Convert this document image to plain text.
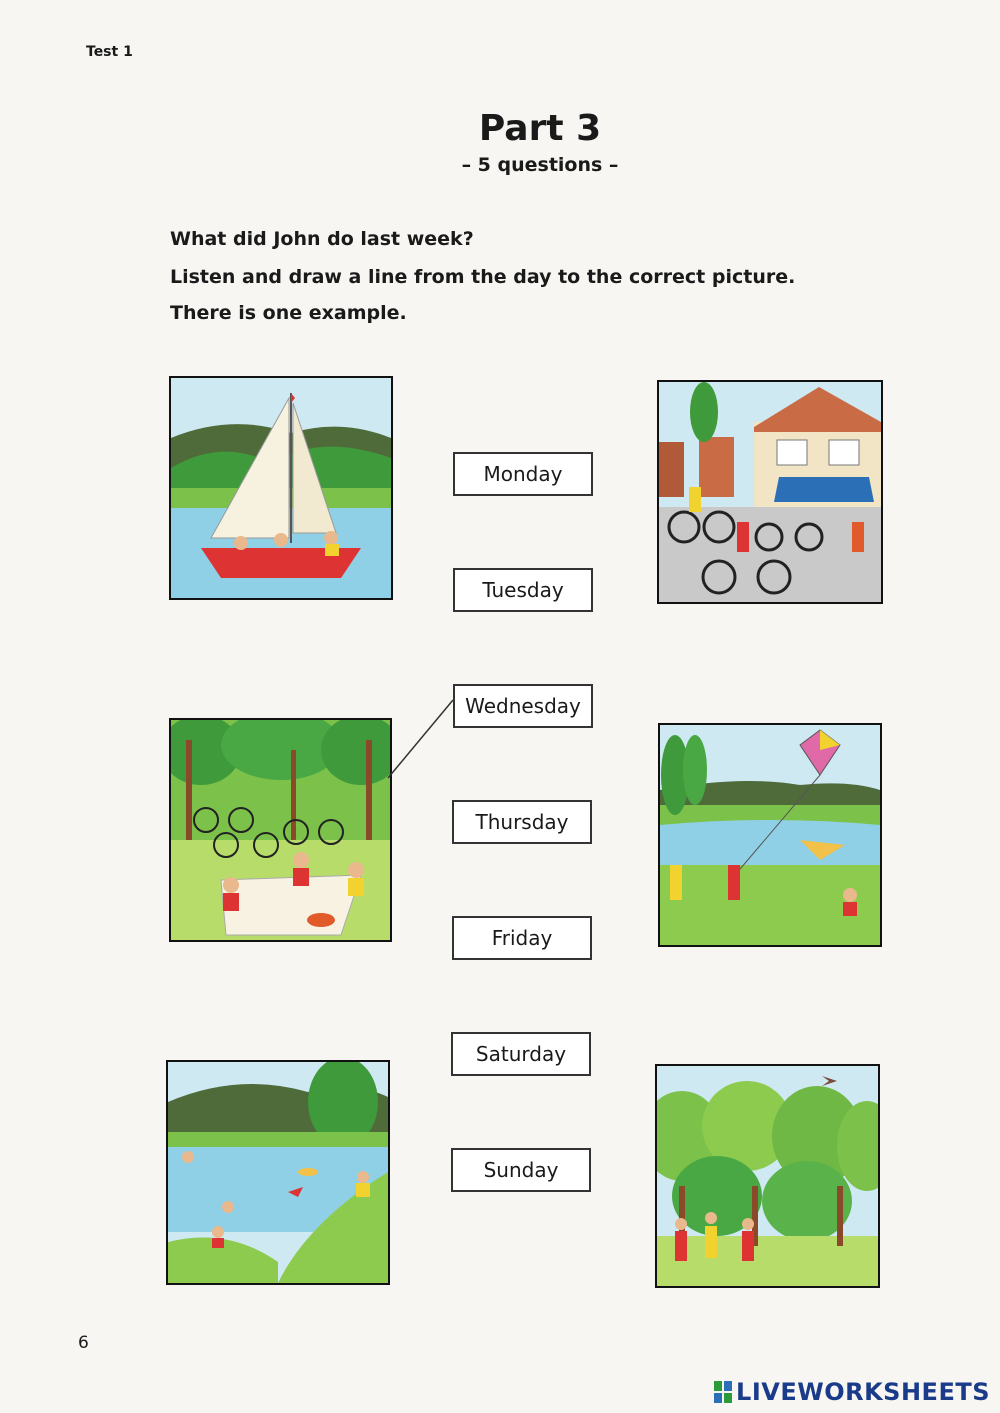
Test 1
Part 3
– 5 questions –
What did John do last week?
Listen and draw a line from the day to the correct picture.
There is one example.
Monday
Tuesday
Wednesday
Thursday
Friday
Saturday
Sunday
6
LIVEWORKSHEETS
